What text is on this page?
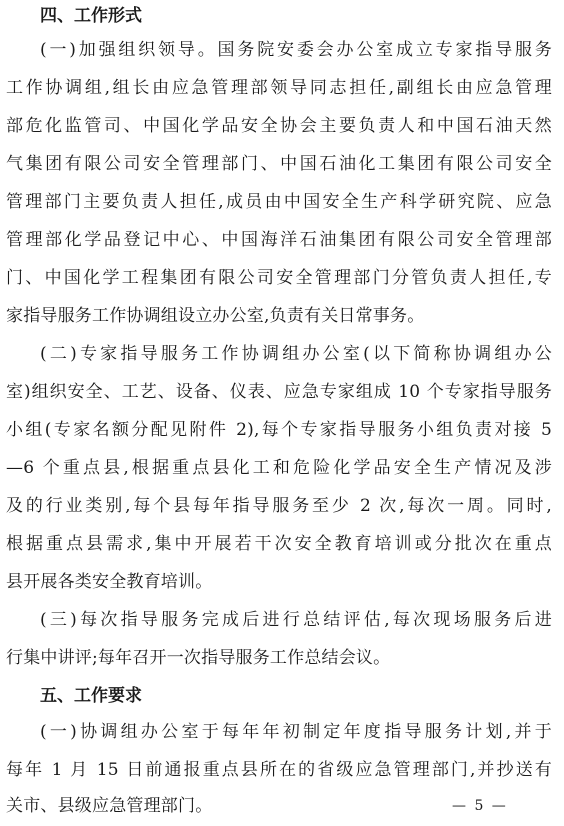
四、工作形式
(一)加强组织领导。国务院安委会办公室成立专家指导服务
工作协调组,组长由应急管理部领导同志担任,副组长由应急管理
部危化监管司、中国化学品安全协会主要负责人和中国石油天然
气集团有限公司安全管理部门、中国石油化工集团有限公司安全
管理部门主要负责人担任,成员由中国安全生产科学研究院、应急
管理部化学品登记中心、中国海洋石油集团有限公司安全管理部
门、中国化学工程集团有限公司安全管理部门分管负责人担任,专
家指导服务工作协调组设立办公室,负责有关日常事务。
(二)专家指导服务工作协调组办公室(以下简称协调组办公
室)组织安全、工艺、设备、仪表、应急专家组成 10 个专家指导服务
小组(专家名额分配见附件 2),每个专家指导服务小组负责对接 5
—6 个重点县,根据重点县化工和危险化学品安全生产情况及涉
及的行业类别,每个县每年指导服务至少 2 次,每次一周。同时,
根据重点县需求,集中开展若干次安全教育培训或分批次在重点
县开展各类安全教育培训。
(三)每次指导服务完成后进行总结评估,每次现场服务后进
行集中讲评;每年召开一次指导服务工作总结会议。
五、工作要求
(一)协调组办公室于每年年初制定年度指导服务计划,并于
每年 1 月 15 日前通报重点县所在的省级应急管理部门,并抄送有
关市、县级应急管理部门。	— 5 —
